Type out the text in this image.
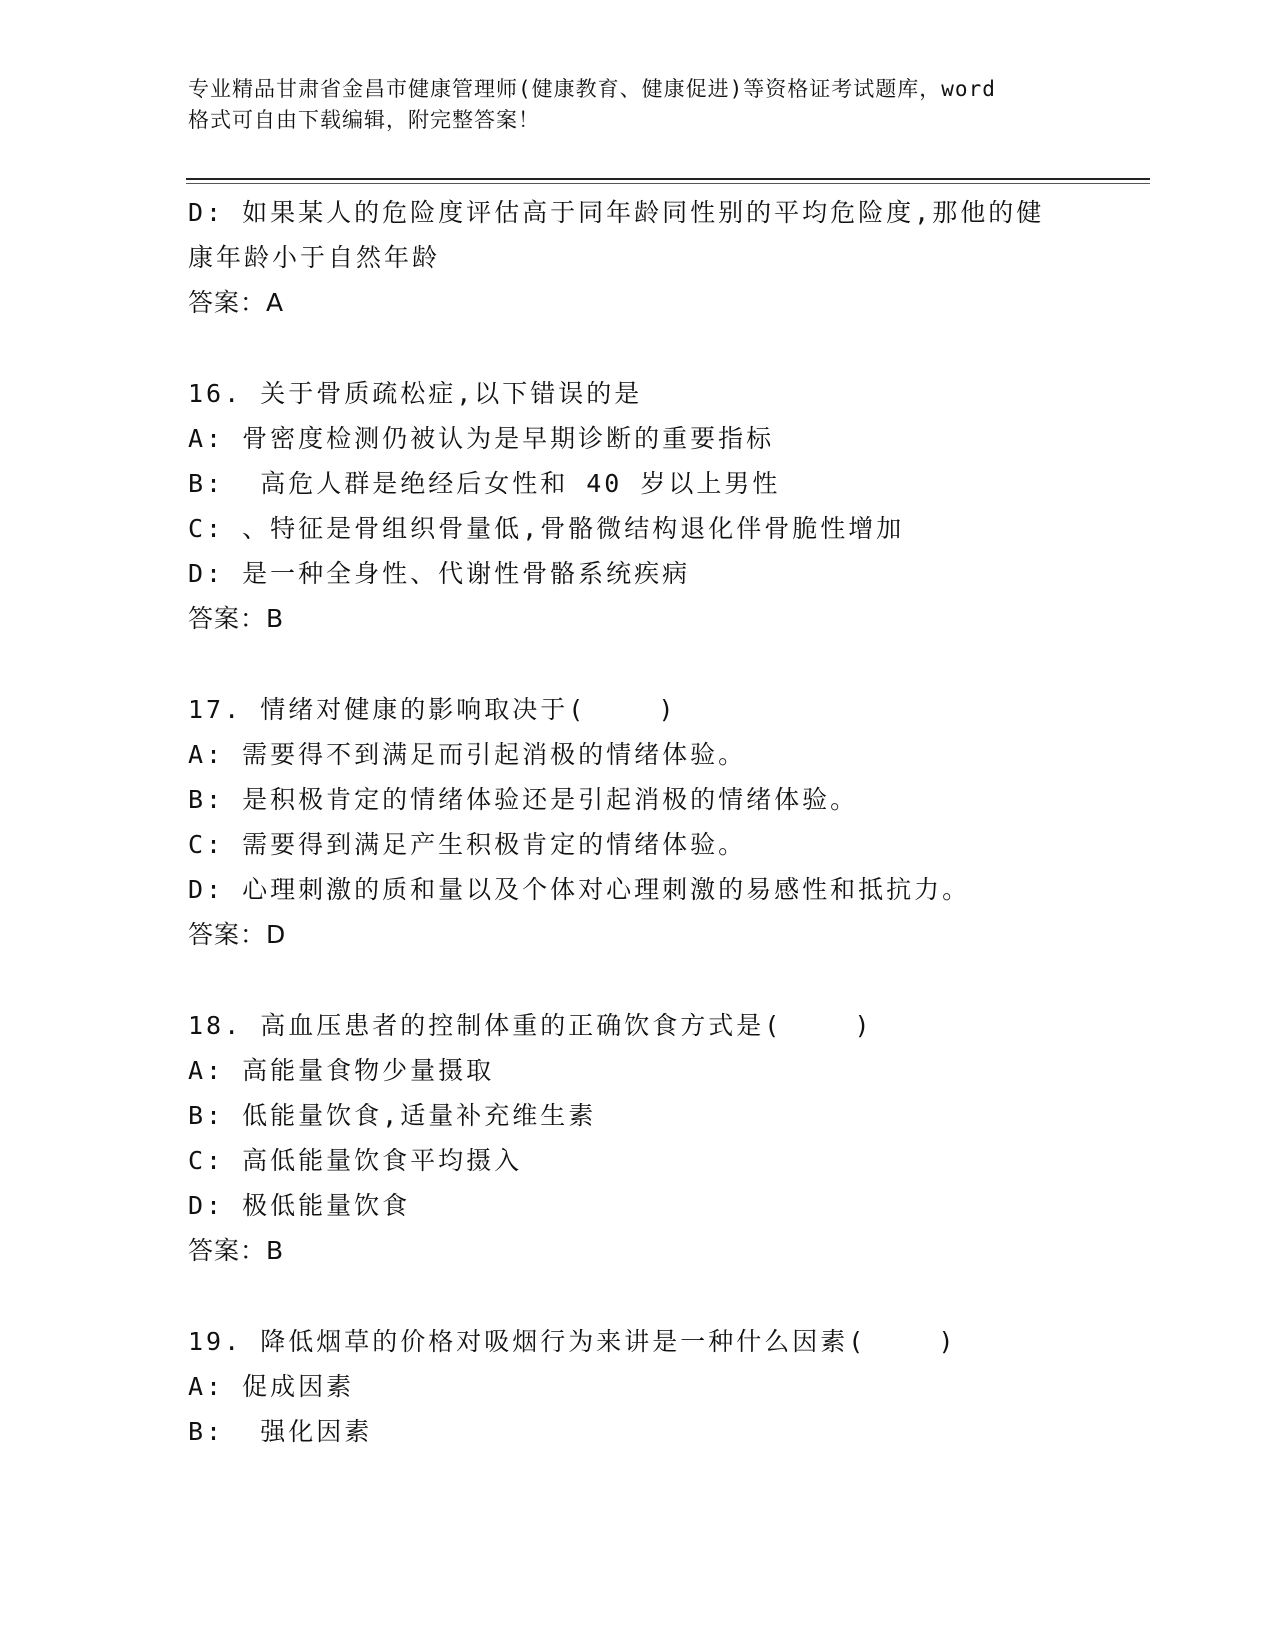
专业精品甘肃省金昌市健康管理师(健康教育、健康促进)等资格证考试题库，word
格式可自由下载编辑，附完整答案！
D: 如果某人的危险度评估高于同年龄同性别的平均危险度,那他的健
康年龄小于自然年龄
答案：A
16. 关于骨质疏松症,以下错误的是
A: 骨密度检测仍被认为是早期诊断的重要指标
B:  高危人群是绝经后女性和 40 岁以上男性
C: 、特征是骨组织骨量低,骨骼微结构退化伴骨脆性增加
D: 是一种全身性、代谢性骨骼系统疾病
答案：B
17. 情绪对健康的影响取决于(    )
A: 需要得不到满足而引起消极的情绪体验。
B: 是积极肯定的情绪体验还是引起消极的情绪体验。
C: 需要得到满足产生积极肯定的情绪体验。
D: 心理刺激的质和量以及个体对心理刺激的易感性和抵抗力。
答案：D
18. 高血压患者的控制体重的正确饮食方式是(    )
A: 高能量食物少量摄取
B: 低能量饮食,适量补充维生素
C: 高低能量饮食平均摄入
D: 极低能量饮食
答案：B
19. 降低烟草的价格对吸烟行为来讲是一种什么因素(    )
A: 促成因素
B:  强化因素
